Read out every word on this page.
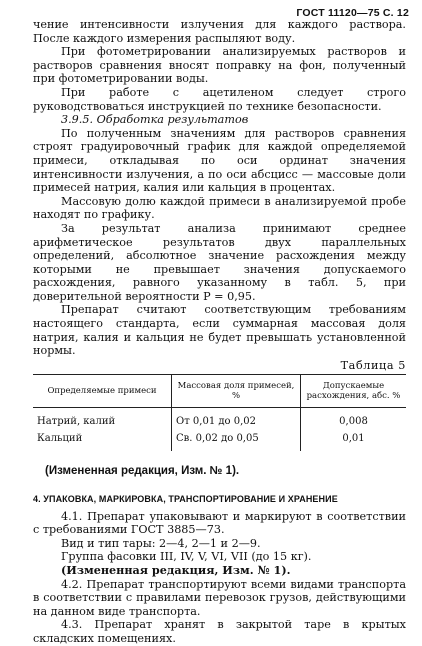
ГОСТ 11120—75 С. 12

чение интенсивности излучения для каждого раствора. После каждого измерения распыляют воду.

При фотометрировании анализируемых растворов и растворов сравнения вносят поправку на фон, полученный при фотометрировании воды.

При работе с ацетиленом следует строго руководствоваться инструкцией по технике безопасности.

3.9.5. Обработка результатов

По полученным значениям для растворов сравнения строят градуировочный график для каждой определяемой примеси, откладывая по оси ординат значения интенсивности излучения, а по оси абсцисс — массовые доли примесей натрия, калия или кальция в процентах.

Массовую долю каждой примеси в анализируемой пробе находят по графику.

За результат анализа принимают среднее арифметическое результатов двух параллельных определений, абсолютное значение расхождения между которыми не превышает значения допускаемого расхождения, равного указанному в табл. 5, при доверительной вероятности P = 0,95.

Препарат считают соответствующим требованиям настоящего стандарта, если суммарная массовая доля натрия, калия и кальция не будет превышать установленной нормы.

Таблица 5
Определяемые примеси	Массовая доля примесей, %	Допускаемые расхождения, абс. %
Натрий, калий	От 0,01 до 0,02	0,008
Кальций	Св. 0,02 до 0,05	0,01

(Измененная редакция, Изм. № 1).

4. УПАКОВКА, МАРКИРОВКА, ТРАНСПОРТИРОВАНИЕ И ХРАНЕНИЕ

4.1. Препарат упаковывают и маркируют в соответствии с требованиями ГОСТ 3885—73.

Вид и тип тары: 2—4, 2—1 и 2—9.

Группа фасовки III, IV, V, VI, VII (до 15 кг).

(Измененная редакция, Изм. № 1).

4.2. Препарат транспортируют всеми видами транспорта в соответствии с правилами перевозок грузов, действующими на данном виде транспорта.

4.3. Препарат хранят в закрытой таре в крытых складских помещениях.
